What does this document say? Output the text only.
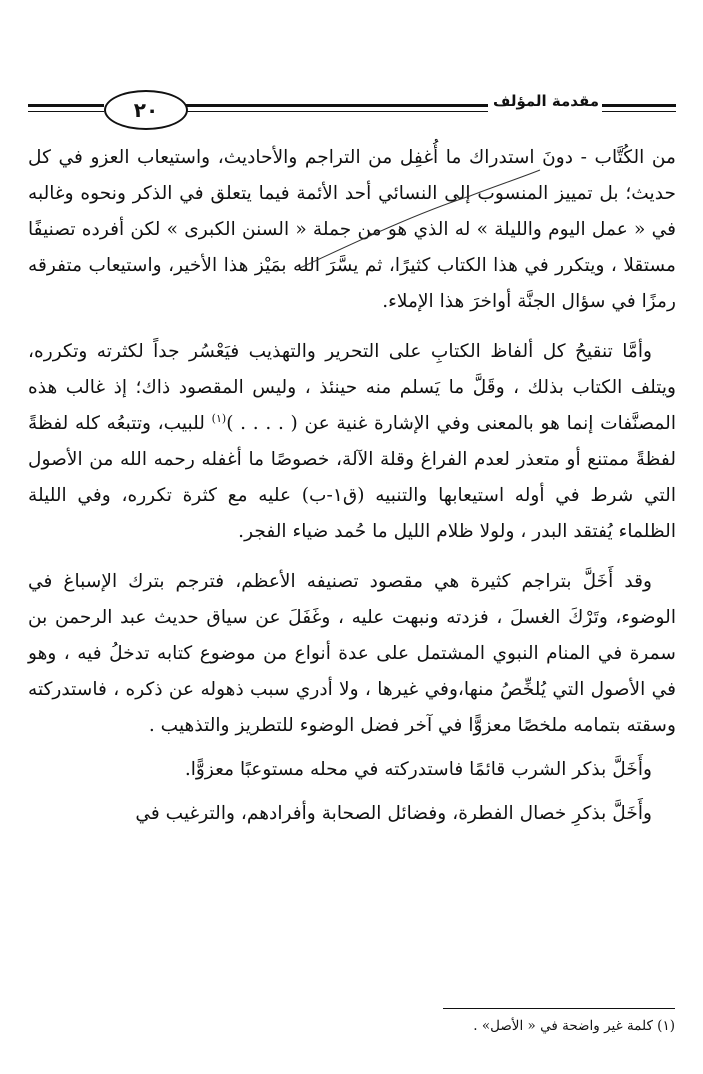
٢٠	مقدمة المؤلف

من الكُتَّاب - دونَ استدراك ما أُغفِل من التراجم والأحاديث، واستيعاب العزو في كل حديث؛ بل تمييز المنسوب إلى النسائي أحد الأئمة فيما يتعلق في الذكر ونحوه وغالبه في « عمل اليوم والليلة » له الذي هو من جملة « السنن الكبرى » لكن أفرده تصنيفًا مستقلا ، ويتكرر في هذا الكتاب كثيرًا، ثم يسَّرَ الله بمَيْز هذا الأخير، واستيعاب متفرقه رمزًا في سؤال الجنَّة أواخرَ هذا الإملاء.

وأمَّا تنقيحُ كل ألفاظ الكتابِ على التحرير والتهذيب فيَعْسُر جداً لكثرته وتكرره، ويتلف الكتاب بذلك ، وقَلَّ ما يَسلم منه حينئذ ، وليس المقصود ذاك؛ إذ غالب هذه المصنَّفات إنما هو بالمعنى وفي الإشارة غنية عن ( . . . . )$^{(١)}$ للبيب، وتتبعُه كله لفظةً لفظةً ممتنع أو متعذر لعدم الفراغ وقلة الآلة، خصوصًا ما أغفله رحمه الله من الأصول التي شرط في أوله استيعابها والتنبيه (ق١-ب) عليه مع كثرة تكرره، وفي الليلة الظلماء يُفتقد البدر ، ولولا ظلام الليل ما حُمد ضياء الفجر.

وقد أَخَلَّ بتراجم كثيرة هي مقصود تصنيفه الأعظم، فترجم بترك الإسباغ في الوضوء، وتَرْكَ الغسلَ ، فزدته ونبهت عليه ، وغَفَلَ عن سياق حديث عبد الرحمن بن سمرة في المنام النبوي المشتمل على عدة أنواع من موضوع كتابه تدخلُ فيه ، وهو في الأصول التي يُلخِّصُ منها،وفي غيرها ، ولا أدري سبب ذهوله عن ذكره ، فاستدركته وسقته بتمامه ملخصًا معزوًّا في آخر فضل الوضوء للتطريز والتذهيب .

وأَخَلَّ بذكر الشرب قائمًا فاستدركته في محله مستوعبًا معزوًّا.

وأَخَلَّ بذكرِ خصال الفطرة، وفضائل الصحابة وأفرادهم، والترغيب في

(١) كلمة غير واضحة في « الأصل» .
